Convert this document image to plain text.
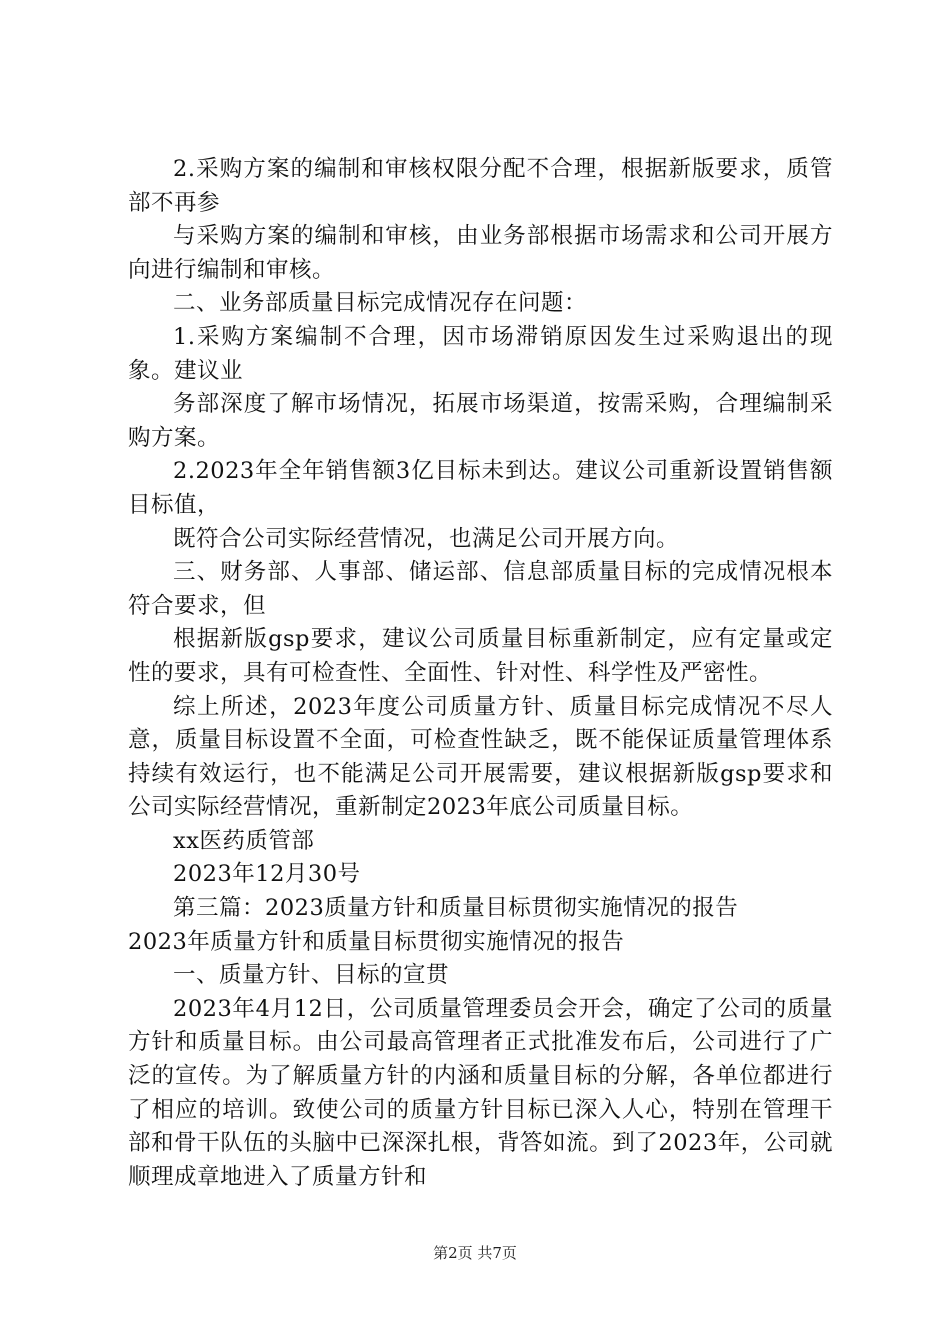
2.采购方案的编制和审核权限分配不合理，根据新版要求，质管部不再参

与采购方案的编制和审核，由业务部根据市场需求和公司开展方向进行编制和审核。

二、业务部质量目标完成情况存在问题：

1.采购方案编制不合理，因市场滞销原因发生过采购退出的现象。建议业

务部深度了解市场情况，拓展市场渠道，按需采购，合理编制采购方案。

2.2023年全年销售额3亿目标未到达。建议公司重新设置销售额目标值，

既符合公司实际经营情况，也满足公司开展方向。

三、财务部、人事部、储运部、信息部质量目标的完成情况根本符合要求，但

根据新版gsp要求，建议公司质量目标重新制定，应有定量或定性的要求，具有可检查性、全面性、针对性、科学性及严密性。

综上所述，2023年度公司质量方针、质量目标完成情况不尽人意，质量目标设置不全面，可检查性缺乏，既不能保证质量管理体系持续有效运行，也不能满足公司开展需要，建议根据新版gsp要求和公司实际经营情况，重新制定2023年底公司质量目标。

xx医药质管部

2023年12月30号

第三篇：2023质量方针和质量目标贯彻实施情况的报告

2023年质量方针和质量目标贯彻实施情况的报告

一、质量方针、目标的宣贯

2023年4月12日，公司质量管理委员会开会，确定了公司的质量方针和质量目标。由公司最高管理者正式批准发布后，公司进行了广泛的宣传。为了解质量方针的内涵和质量目标的分解，各单位都进行了相应的培训。致使公司的质量方针目标已深入人心，特别在管理干部和骨干队伍的头脑中已深深扎根，背答如流。到了2023年，公司就顺理成章地进入了质量方针和

第2页 共7页
